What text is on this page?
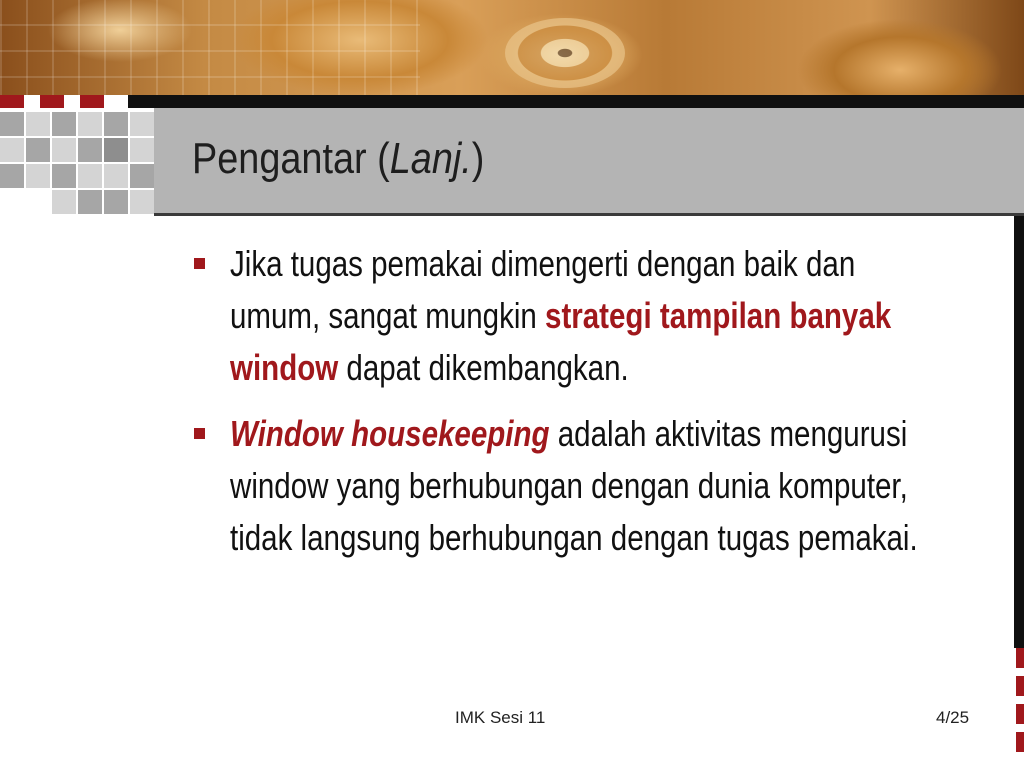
Pengantar (Lanj.)
Jika tugas pemakai dimengerti dengan baik dan umum, sangat mungkin strategi tampilan banyak window dapat dikembangkan.
Window housekeeping adalah aktivitas mengurusi window yang berhubungan dengan dunia komputer, tidak langsung berhubungan dengan tugas pemakai.
IMK Sesi 11	4/25
